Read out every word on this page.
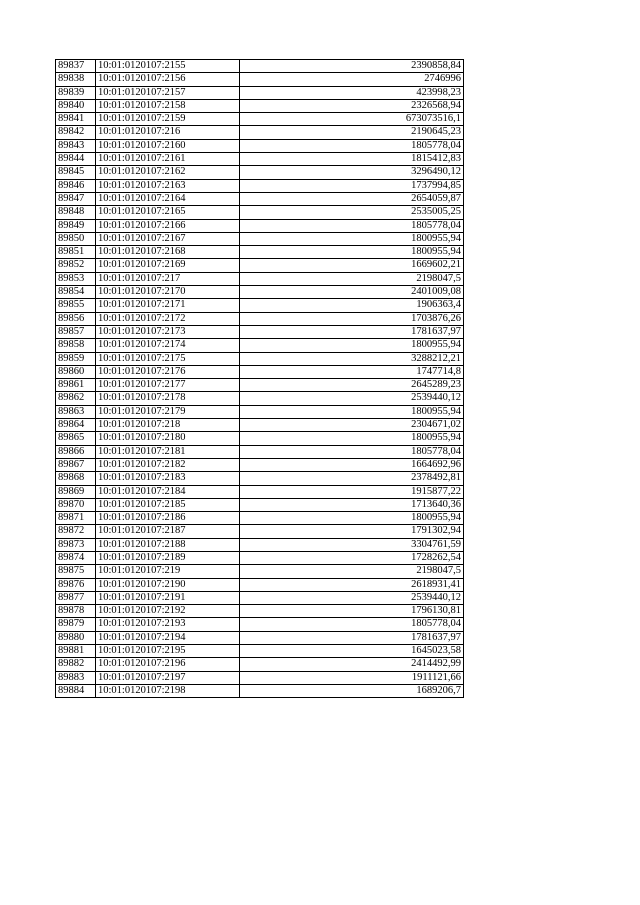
89837	10:01:0120107:2155	2390858,84
89838	10:01:0120107:2156	2746996
89839	10:01:0120107:2157	423998,23
89840	10:01:0120107:2158	2326568,94
89841	10:01:0120107:2159	673073516,1
89842	10:01:0120107:216	2190645,23
89843	10:01:0120107:2160	1805778,04
89844	10:01:0120107:2161	1815412,83
89845	10:01:0120107:2162	3296490,12
89846	10:01:0120107:2163	1737994,85
89847	10:01:0120107:2164	2654059,87
89848	10:01:0120107:2165	2535005,25
89849	10:01:0120107:2166	1805778,04
89850	10:01:0120107:2167	1800955,94
89851	10:01:0120107:2168	1800955,94
89852	10:01:0120107:2169	1669602,21
89853	10:01:0120107:217	2198047,5
89854	10:01:0120107:2170	2401009,08
89855	10:01:0120107:2171	1906363,4
89856	10:01:0120107:2172	1703876,26
89857	10:01:0120107:2173	1781637,97
89858	10:01:0120107:2174	1800955,94
89859	10:01:0120107:2175	3288212,21
89860	10:01:0120107:2176	1747714,8
89861	10:01:0120107:2177	2645289,23
89862	10:01:0120107:2178	2539440,12
89863	10:01:0120107:2179	1800955,94
89864	10:01:0120107:218	2304671,02
89865	10:01:0120107:2180	1800955,94
89866	10:01:0120107:2181	1805778,04
89867	10:01:0120107:2182	1664692,96
89868	10:01:0120107:2183	2378492,81
89869	10:01:0120107:2184	1915877,22
89870	10:01:0120107:2185	1713640,36
89871	10:01:0120107:2186	1800955,94
89872	10:01:0120107:2187	1791302,94
89873	10:01:0120107:2188	3304761,59
89874	10:01:0120107:2189	1728262,54
89875	10:01:0120107:219	2198047,5
89876	10:01:0120107:2190	2618931,41
89877	10:01:0120107:2191	2539440,12
89878	10:01:0120107:2192	1796130,81
89879	10:01:0120107:2193	1805778,04
89880	10:01:0120107:2194	1781637,97
89881	10:01:0120107:2195	1645023,58
89882	10:01:0120107:2196	2414492,99
89883	10:01:0120107:2197	1911121,66
89884	10:01:0120107:2198	1689206,7
